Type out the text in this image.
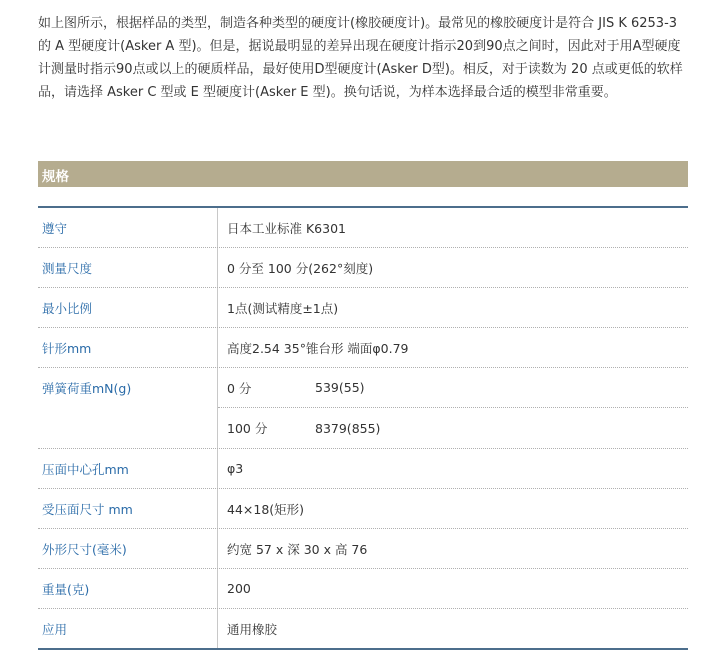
如上图所示，根据样品的类型，制造各种类型的硬度计(橡胶硬度计)。最常见的橡胶硬度计是符合 JIS K 6253-3 的 A 型硬度计(Asker A 型)。但是，据说最明显的差异出现在硬度计指示20到90点之间时，因此对于用A型硬度计测量时指示90点或以上的硬质样品，最好使用D型硬度计(Asker D型)。相反，对于读数为 20 点或更低的软样品，请选择 Asker C 型或 E 型硬度计(Asker E 型)。换句话说，为样本选择最合适的模型非常重要。
规格
遵守	日本工业标准 K6301
测量尺度	0 分至 100 分(262°刻度)
最小比例	1点(测试精度±1点)
针形mm	高度2.54 35°锥台形 端面φ0.79
弹簧荷重mN(g)	0 分	539(55)
100 分	8379(855)
压面中心孔mm	φ3
受压面尺寸 mm	44×18(矩形)
外形尺寸(毫米)	约宽 57 x 深 30 x 高 76
重量(克)	200
应用	通用橡胶
